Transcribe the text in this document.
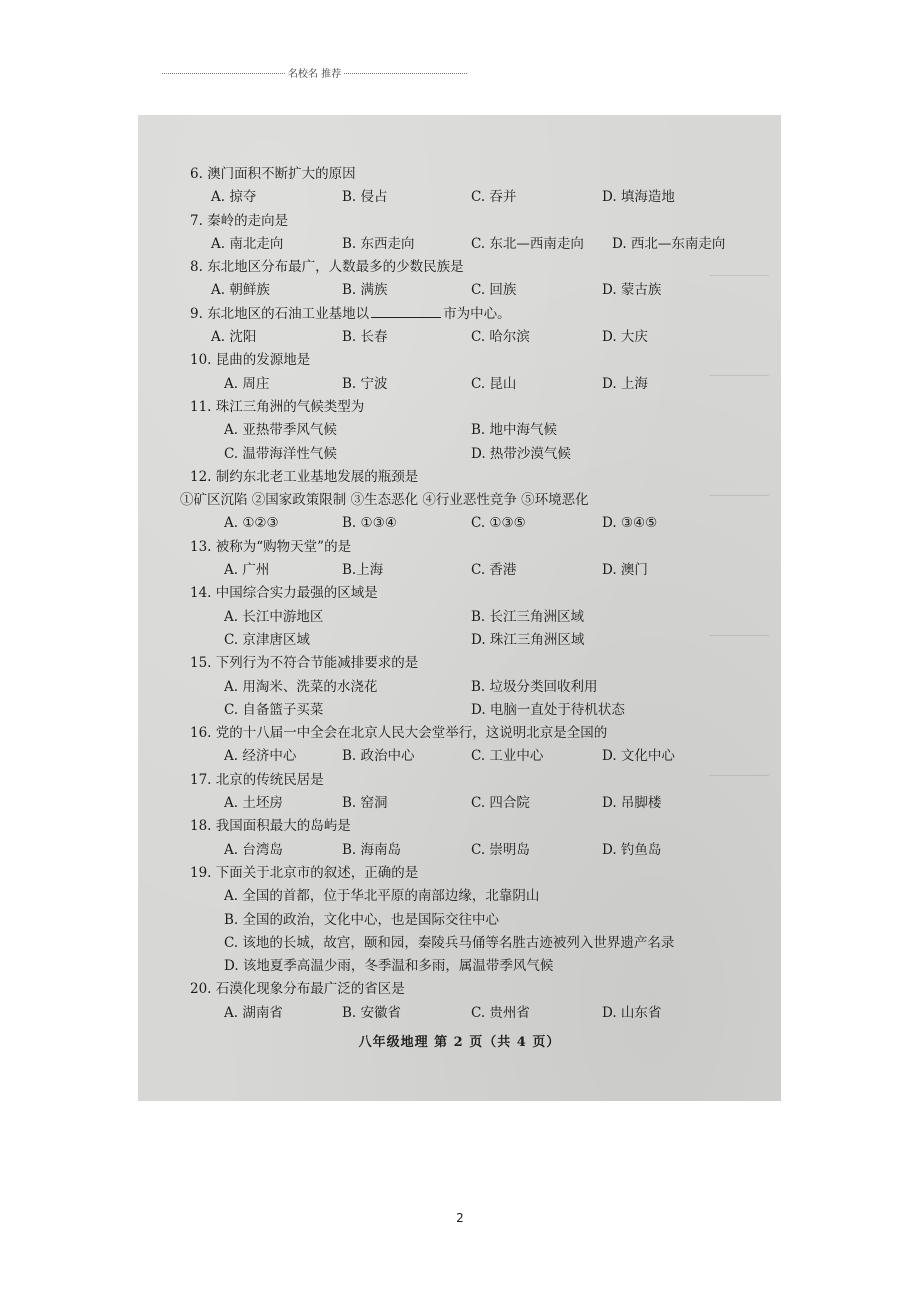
名校名 推荐
6. 澳门面积不断扩大的原因
A. 掠夺	B. 侵占	C. 吞并	D. 填海造地
7. 秦岭的走向是
A. 南北走向	B. 东西走向	C. 东北—西南走向 D. 西北—东南走向
8. 东北地区分布最广，人数最多的少数民族是
A. 朝鲜族	B. 满族	C. 回族	D. 蒙古族
9. 东北地区的石油工业基地以	市为中心。
A. 沈阳	B. 长春	C. 哈尔滨	D. 大庆
10. 昆曲的发源地是
A. 周庄	B. 宁波	C. 昆山	D. 上海
11. 珠江三角洲的气候类型为
A. 亚热带季风气候	B. 地中海气候
C. 温带海洋性气候	D. 热带沙漠气候
12. 制约东北老工业基地发展的瓶颈是
①矿区沉陷 ②国家政策限制 ③生态恶化 ④行业恶性竞争 ⑤环境恶化
A. ①②③	B. ①③④	C. ①③⑤	D. ③④⑤
13. 被称为“购物天堂”的是
A. 广州	B.上海	C. 香港	D. 澳门
14. 中国综合实力最强的区域是
A. 长江中游地区	B. 长江三角洲区域
C. 京津唐区域	D. 珠江三角洲区域
15. 下列行为不符合节能减排要求的是
A. 用淘米、洗菜的水浇花	B. 垃圾分类回收利用
C. 自备篮子买菜	D. 电脑一直处于待机状态
16. 党的十八届一中全会在北京人民大会堂举行，这说明北京是全国的
A. 经济中心	B. 政治中心	C. 工业中心	D. 文化中心
17. 北京的传统民居是
A. 土坯房	B. 窑洞	C. 四合院	D. 吊脚楼
18. 我国面积最大的岛屿是
A. 台湾岛	B. 海南岛	C. 崇明岛	D. 钓鱼岛
19. 下面关于北京市的叙述，正确的是
A. 全国的首都，位于华北平原的南部边缘，北靠阴山
B. 全国的政治，文化中心，也是国际交往中心
C. 该地的长城，故宫，颐和园，秦陵兵马俑等名胜古迹被列入世界遗产名录
D. 该地夏季高温少雨，冬季温和多雨，属温带季风气候
20. 石漠化现象分布最广泛的省区是
A. 湖南省	B. 安徽省	C. 贵州省	D. 山东省
八年级地理 第 2 页（共 4 页）
2
